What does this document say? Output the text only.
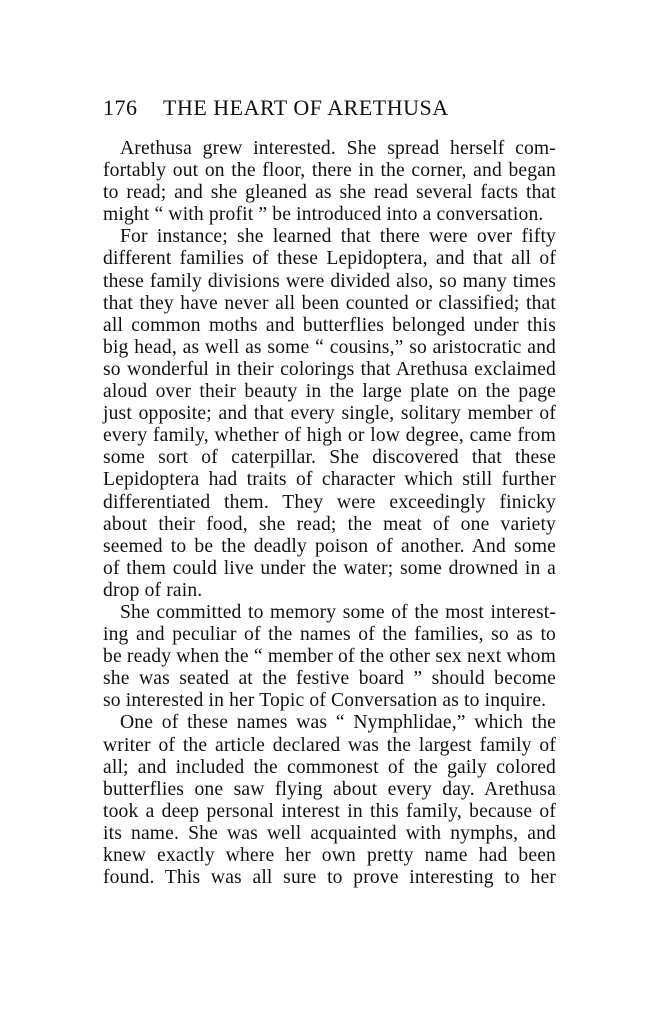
176 THE HEART OF ARETHUSA
Arethusa grew interested. She spread herself com-
fortably out on the floor, there in the corner, and began
to read; and she gleaned as she read several facts that
might “ with profit ” be introduced into a conversation.
For instance; she learned that there were over fifty
different families of these Lepidoptera, and that all of
these family divisions were divided also, so many times
that they have never all been counted or classified; that
all common moths and butterflies belonged under this
big head, as well as some “ cousins,” so aristocratic and
so wonderful in their colorings that Arethusa exclaimed
aloud over their beauty in the large plate on the page
just opposite; and that every single, solitary member of
every family, whether of high or low degree, came from
some sort of caterpillar. She discovered that these
Lepidoptera had traits of character which still further
differentiated them. They were exceedingly finicky
about their food, she read; the meat of one variety
seemed to be the deadly poison of another. And some
of them could live under the water; some drowned in a
drop of rain.
She committed to memory some of the most interest-
ing and peculiar of the names of the families, so as to
be ready when the “ member of the other sex next whom
she was seated at the festive board ” should become
so interested in her Topic of Conversation as to inquire.
One of these names was “ Nymphlidae,” which the
writer of the article declared was the largest family of
all; and included the commonest of the gaily colored
butterflies one saw flying about every day. Arethusa
took a deep personal interest in this family, because of
its name. She was well acquainted with nymphs, and
knew exactly where her own pretty name had been
found. This was all sure to prove interesting to her
